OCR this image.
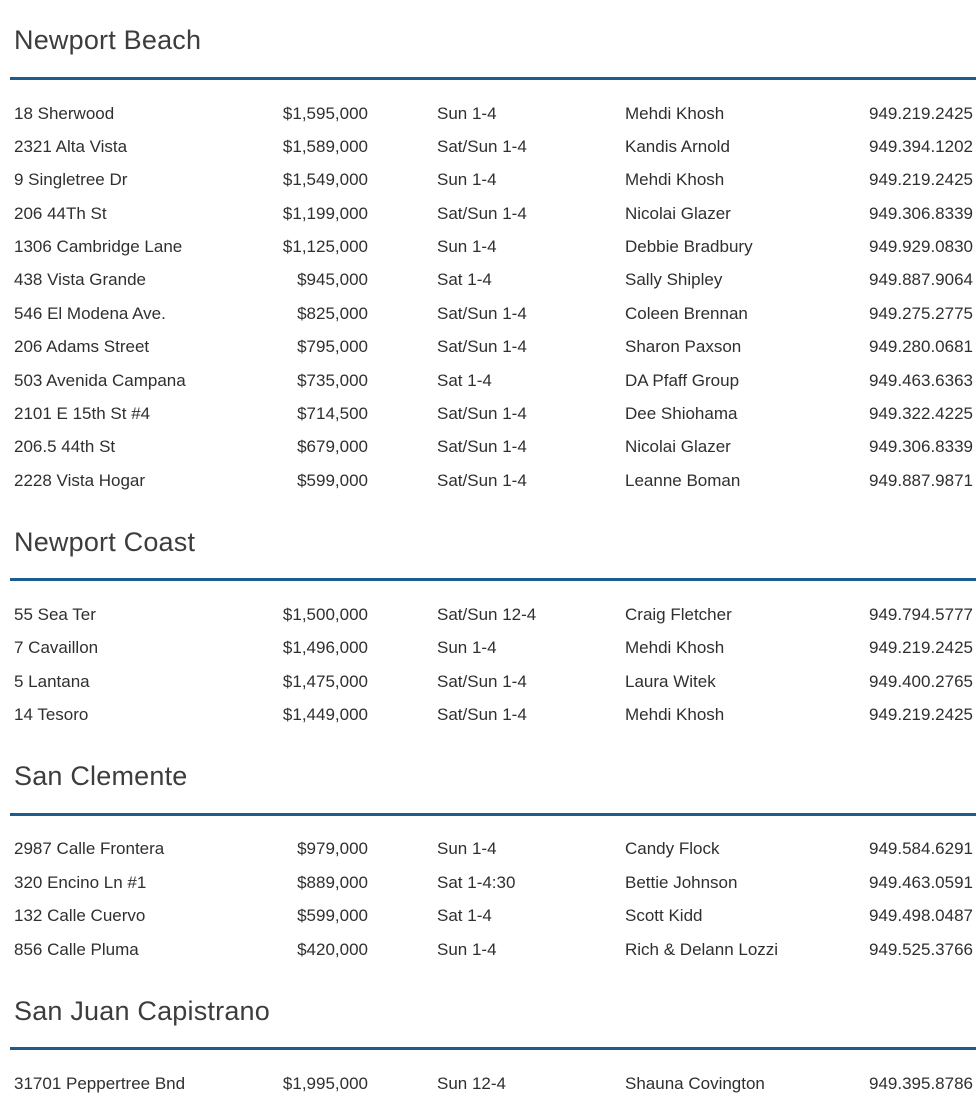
Newport Beach
18 Sherwood	$1,595,000	Sun 1-4	Mehdi Khosh	949.219.2425
2321 Alta Vista	$1,589,000	Sat/Sun 1-4	Kandis Arnold	949.394.1202
9 Singletree Dr	$1,549,000	Sun 1-4	Mehdi Khosh	949.219.2425
206 44Th St	$1,199,000	Sat/Sun 1-4	Nicolai Glazer	949.306.8339
1306 Cambridge Lane	$1,125,000	Sun 1-4	Debbie Bradbury	949.929.0830
438 Vista Grande	$945,000	Sat 1-4	Sally Shipley	949.887.9064
546 El Modena Ave.	$825,000	Sat/Sun 1-4	Coleen Brennan	949.275.2775
206 Adams Street	$795,000	Sat/Sun 1-4	Sharon Paxson	949.280.0681
503 Avenida Campana	$735,000	Sat 1-4	DA Pfaff Group	949.463.6363
2101 E 15th St #4	$714,500	Sat/Sun 1-4	Dee Shiohama	949.322.4225
206.5 44th St	$679,000	Sat/Sun 1-4	Nicolai Glazer	949.306.8339
2228 Vista Hogar	$599,000	Sat/Sun 1-4	Leanne Boman	949.887.9871
Newport Coast
55 Sea Ter	$1,500,000	Sat/Sun 12-4	Craig Fletcher	949.794.5777
7 Cavaillon	$1,496,000	Sun 1-4	Mehdi Khosh	949.219.2425
5 Lantana	$1,475,000	Sat/Sun 1-4	Laura Witek	949.400.2765
14 Tesoro	$1,449,000	Sat/Sun 1-4	Mehdi Khosh	949.219.2425
San Clemente
2987 Calle Frontera	$979,000	Sun 1-4	Candy Flock	949.584.6291
320 Encino Ln #1	$889,000	Sat 1-4:30	Bettie Johnson	949.463.0591
132 Calle Cuervo	$599,000	Sat 1-4	Scott Kidd	949.498.0487
856 Calle Pluma	$420,000	Sun 1-4	Rich & Delann Lozzi	949.525.3766
San Juan Capistrano
31701 Peppertree Bnd	$1,995,000	Sun 12-4	Shauna Covington	949.395.8786
